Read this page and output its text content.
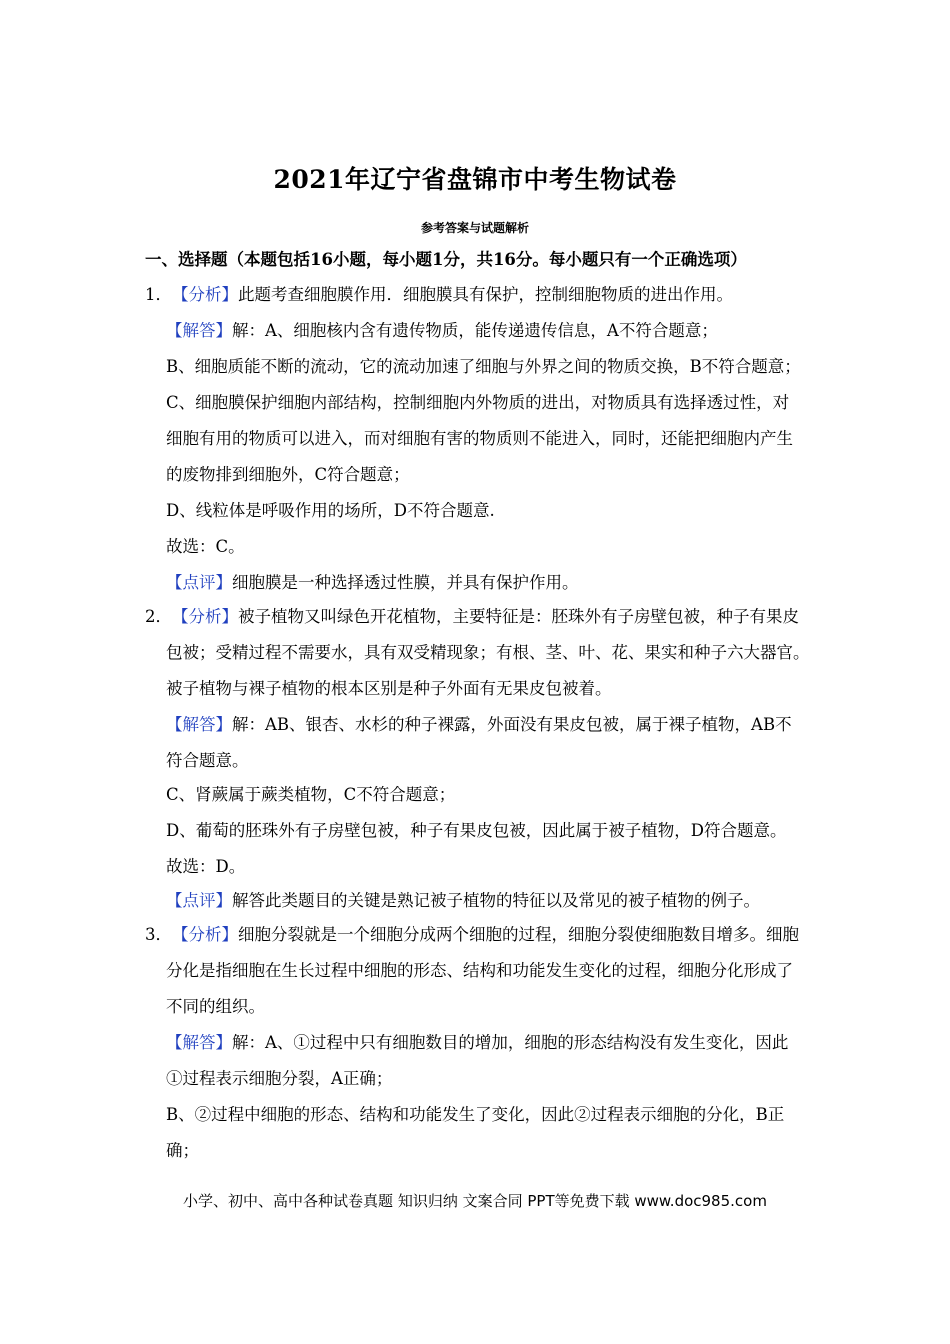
2021年辽宁省盘锦市中考生物试卷
参考答案与试题解析
一、选择题（本题包括16小题，每小题1分，共16分。每小题只有一个正确选项）
1．【分析】此题考查细胞膜作用．细胞膜具有保护，控制细胞物质的进出作用。
【解答】解：A、细胞核内含有遗传物质，能传递遗传信息，A不符合题意；
B、细胞质能不断的流动，它的流动加速了细胞与外界之间的物质交换，B不符合题意；
C、细胞膜保护细胞内部结构，控制细胞内外物质的进出，对物质具有选择透过性，对
细胞有用的物质可以进入，而对细胞有害的物质则不能进入，同时，还能把细胞内产生
的废物排到细胞外，C符合题意；
D、线粒体是呼吸作用的场所，D不符合题意.
故选：C。
【点评】细胞膜是一种选择透过性膜，并具有保护作用。
2．【分析】被子植物又叫绿色开花植物，主要特征是：胚珠外有子房壁包被，种子有果皮
包被；受精过程不需要水，具有双受精现象；有根、茎、叶、花、果实和种子六大器官。
被子植物与裸子植物的根本区别是种子外面有无果皮包被着。
【解答】解：AB、银杏、水杉的种子裸露，外面没有果皮包被，属于裸子植物，AB不
符合题意。
C、肾蕨属于蕨类植物，C不符合题意；
D、葡萄的胚珠外有子房壁包被，种子有果皮包被，因此属于被子植物，D符合题意。
故选：D。
【点评】解答此类题目的关键是熟记被子植物的特征以及常见的被子植物的例子。
3．【分析】细胞分裂就是一个细胞分成两个细胞的过程，细胞分裂使细胞数目增多。细胞
分化是指细胞在生长过程中细胞的形态、结构和功能发生变化的过程，细胞分化形成了
不同的组织。
【解答】解：A、①过程中只有细胞数目的增加，细胞的形态结构没有发生变化，因此
①过程表示细胞分裂，A正确；
B、②过程中细胞的形态、结构和功能发生了变化，因此②过程表示细胞的分化，B正
确；
小学、初中、高中各种试卷真题 知识归纳 文案合同 PPT等免费下载 www.doc985.com
